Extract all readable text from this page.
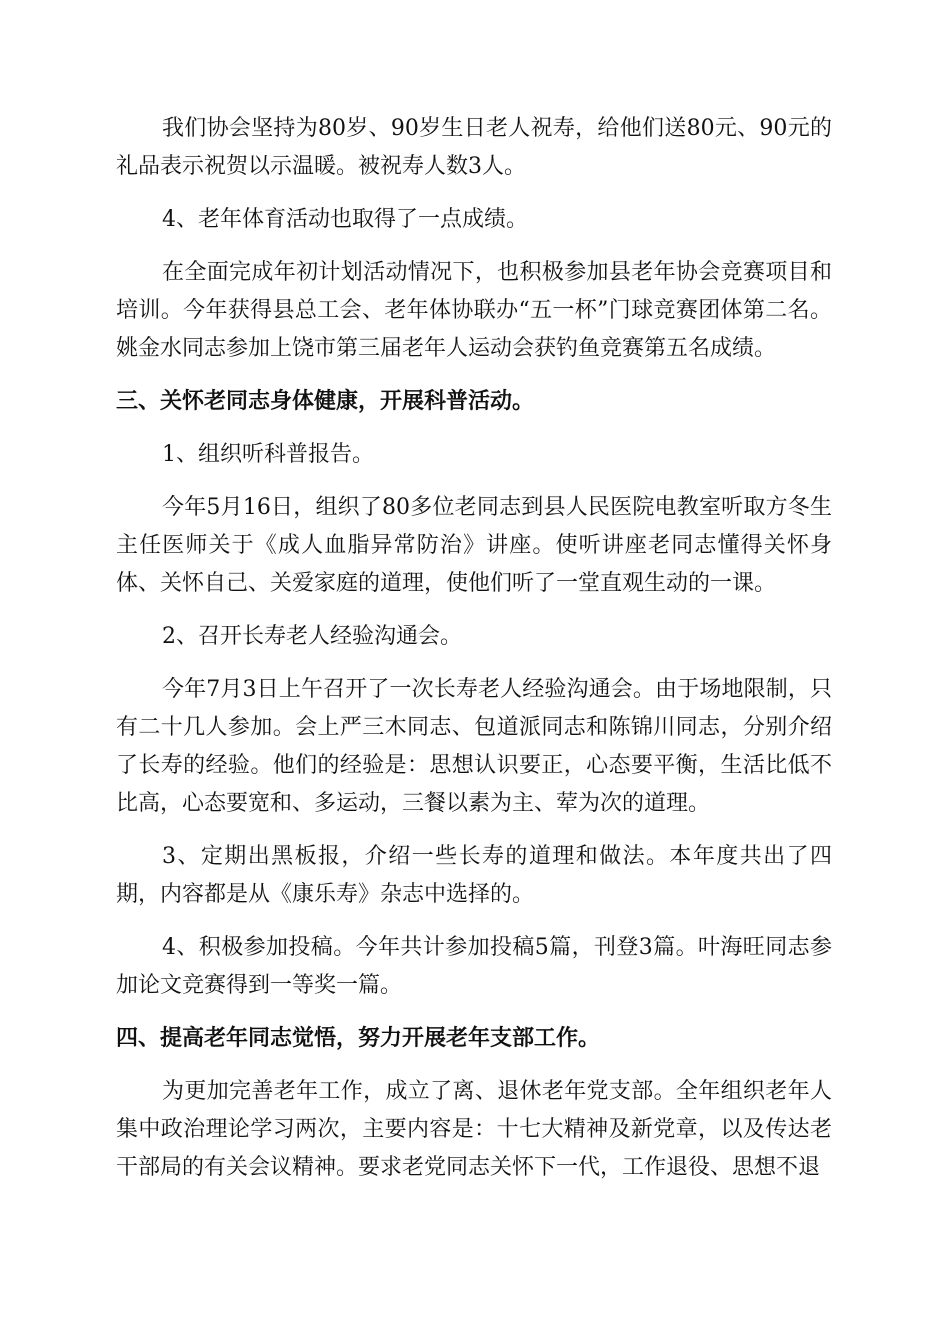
我们协会坚持为80岁、90岁生日老人祝寿，给他们送80元、90元的礼品表示祝贺以示温暖。被祝寿人数3人。

4、老年体育活动也取得了一点成绩。

在全面完成年初计划活动情况下，也积极参加县老年协会竞赛项目和培训。今年获得县总工会、老年体协联办“五一杯”门球竞赛团体第二名。姚金水同志参加上饶市第三届老年人运动会获钓鱼竞赛第五名成绩。

三、关怀老同志身体健康，开展科普活动。

1、组织听科普报告。

今年5月16日，组织了80多位老同志到县人民医院电教室听取方冬生主任医师关于《成人血脂异常防治》讲座。使听讲座老同志懂得关怀身体、关怀自己、关爱家庭的道理，使他们听了一堂直观生动的一课。

2、召开长寿老人经验沟通会。

今年7月3日上午召开了一次长寿老人经验沟通会。由于场地限制，只有二十几人参加。会上严三木同志、包道派同志和陈锦川同志，分别介绍了长寿的经验。他们的经验是：思想认识要正，心态要平衡，生活比低不比高，心态要宽和、多运动，三餐以素为主、荤为次的道理。

3、定期出黑板报，介绍一些长寿的道理和做法。本年度共出了四期，内容都是从《康乐寿》杂志中选择的。

4、积极参加投稿。今年共计参加投稿5篇，刊登3篇。叶海旺同志参加论文竞赛得到一等奖一篇。

四、提高老年同志觉悟，努力开展老年支部工作。

为更加完善老年工作，成立了离、退休老年党支部。全年组织老年人集中政治理论学习两次，主要内容是：十七大精神及新党章，以及传达老干部局的有关会议精神。要求老党同志关怀下一代，工作退役、思想不退
